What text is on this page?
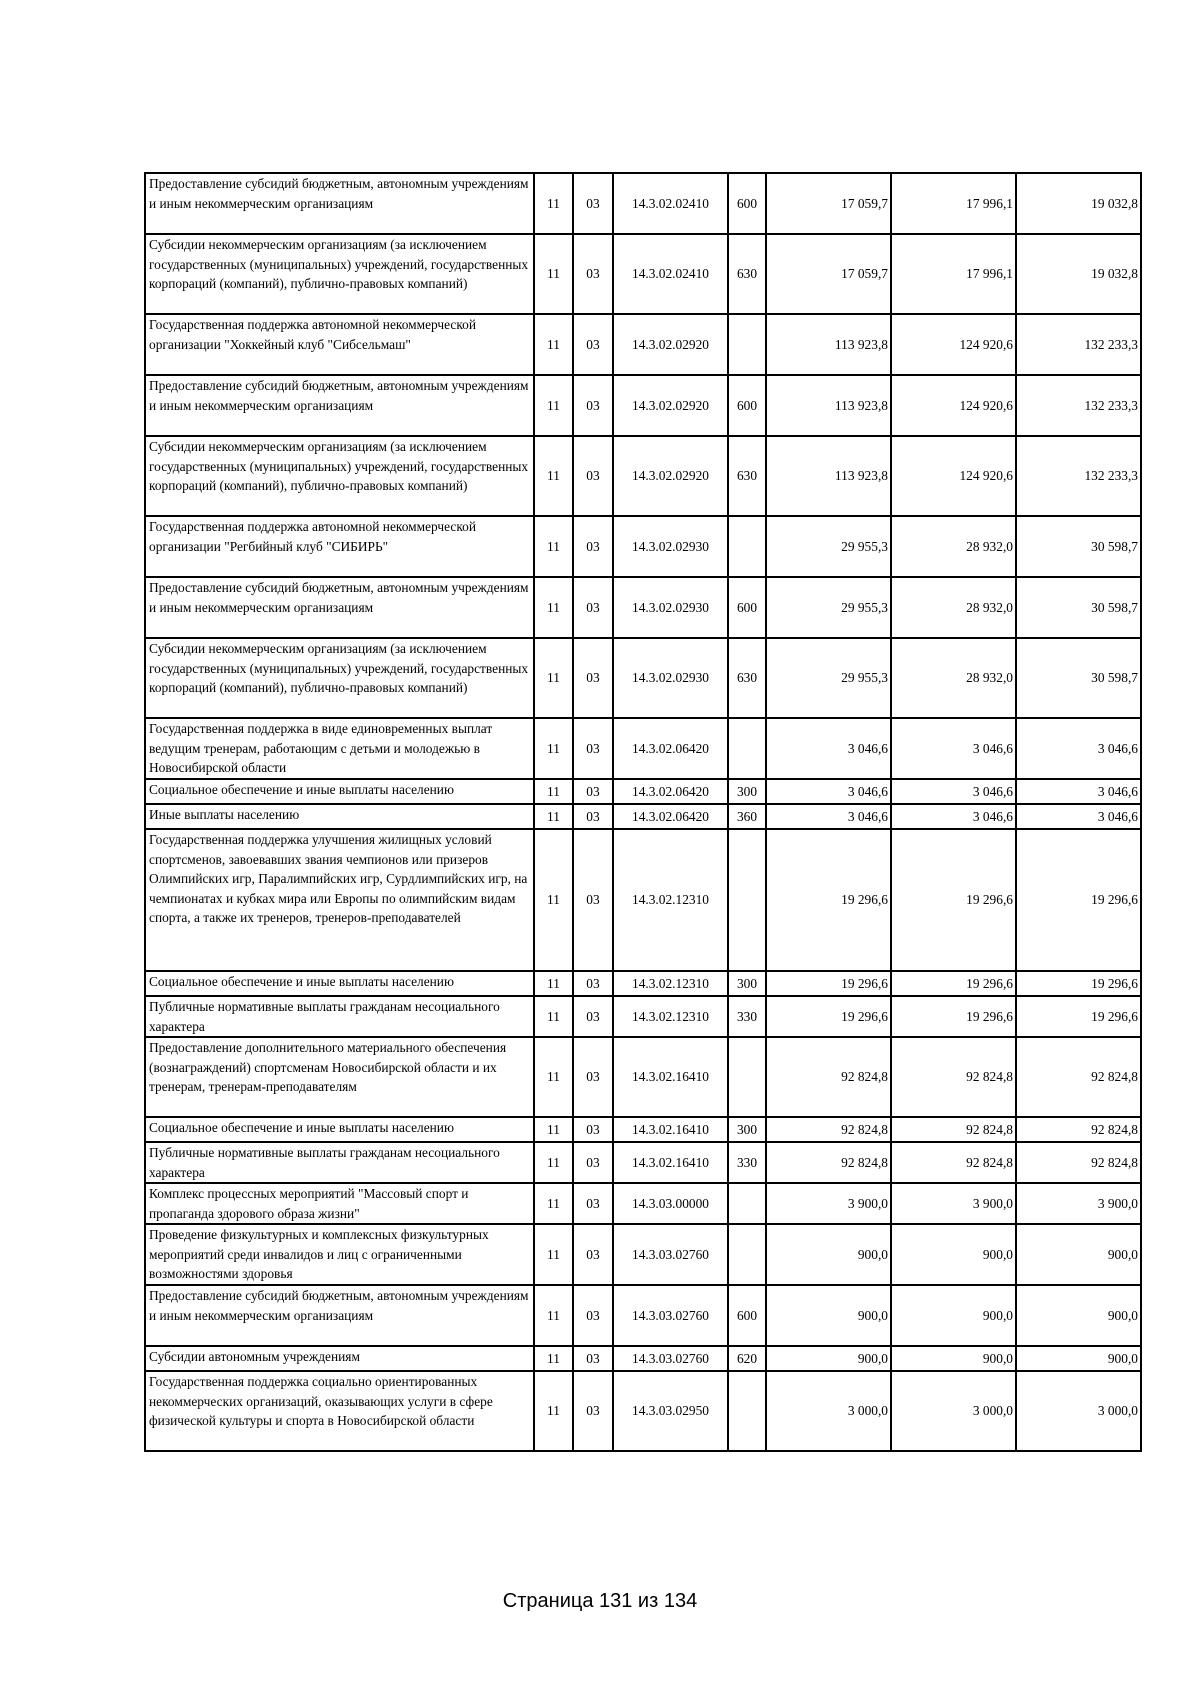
Предоставление субсидий бюджетным, автономным учреждениям и иным некоммерческим организациям	11	03	14.3.02.02410	600	17 059,7	17 996,1	19 032,8
Субсидии некоммерческим организациям (за исключением государственных (муниципальных) учреждений, государственных корпораций (компаний), публично-правовых компаний)	11	03	14.3.02.02410	630	17 059,7	17 996,1	19 032,8
Государственная поддержка автономной некоммерческой организации "Хоккейный клуб "Сибсельмаш"	11	03	14.3.02.02920		113 923,8	124 920,6	132 233,3
Предоставление субсидий бюджетным, автономным учреждениям и иным некоммерческим организациям	11	03	14.3.02.02920	600	113 923,8	124 920,6	132 233,3
Субсидии некоммерческим организациям (за исключением государственных (муниципальных) учреждений, государственных корпораций (компаний), публично-правовых компаний)	11	03	14.3.02.02920	630	113 923,8	124 920,6	132 233,3
Государственная поддержка автономной некоммерческой организации "Регбийный клуб "СИБИРЬ"	11	03	14.3.02.02930		29 955,3	28 932,0	30 598,7
Предоставление субсидий бюджетным, автономным учреждениям и иным некоммерческим организациям	11	03	14.3.02.02930	600	29 955,3	28 932,0	30 598,7
Субсидии некоммерческим организациям (за исключением государственных (муниципальных) учреждений, государственных корпораций (компаний), публично-правовых компаний)	11	03	14.3.02.02930	630	29 955,3	28 932,0	30 598,7
Государственная поддержка в виде единовременных выплат ведущим тренерам, работающим с детьми и молодежью в Новосибирской области	11	03	14.3.02.06420		3 046,6	3 046,6	3 046,6
Социальное обеспечение и иные выплаты населению	11	03	14.3.02.06420	300	3 046,6	3 046,6	3 046,6
Иные выплаты населению	11	03	14.3.02.06420	360	3 046,6	3 046,6	3 046,6
Государственная поддержка улучшения жилищных условий спортсменов, завоевавших звания чемпионов или призеров Олимпийских игр, Паралимпийских игр, Сурдлимпийских игр, на чемпионатах и кубках мира или Европы по олимпийским видам спорта, а также их тренеров, тренеров-преподавателей	11	03	14.3.02.12310		19 296,6	19 296,6	19 296,6
Социальное обеспечение и иные выплаты населению	11	03	14.3.02.12310	300	19 296,6	19 296,6	19 296,6
Публичные нормативные выплаты гражданам несоциального характера	11	03	14.3.02.12310	330	19 296,6	19 296,6	19 296,6
Предоставление дополнительного материального обеспечения (вознаграждений) спортсменам Новосибирской области и их тренерам, тренерам-преподавателям	11	03	14.3.02.16410		92 824,8	92 824,8	92 824,8
Социальное обеспечение и иные выплаты населению	11	03	14.3.02.16410	300	92 824,8	92 824,8	92 824,8
Публичные нормативные выплаты гражданам несоциального характера	11	03	14.3.02.16410	330	92 824,8	92 824,8	92 824,8
Комплекс процессных мероприятий "Массовый спорт и пропаганда здорового образа жизни"	11	03	14.3.03.00000		3 900,0	3 900,0	3 900,0
Проведение физкультурных и комплексных физкультурных мероприятий среди инвалидов и лиц с ограниченными возможностями здоровья	11	03	14.3.03.02760		900,0	900,0	900,0
Предоставление субсидий бюджетным, автономным учреждениям и иным некоммерческим организациям	11	03	14.3.03.02760	600	900,0	900,0	900,0
Субсидии автономным учреждениям	11	03	14.3.03.02760	620	900,0	900,0	900,0
Государственная поддержка социально ориентированных некоммерческих организаций, оказывающих услуги в сфере физической культуры и спорта в Новосибирской области	11	03	14.3.03.02950		3 000,0	3 000,0	3 000,0
Страница 131 из 134
